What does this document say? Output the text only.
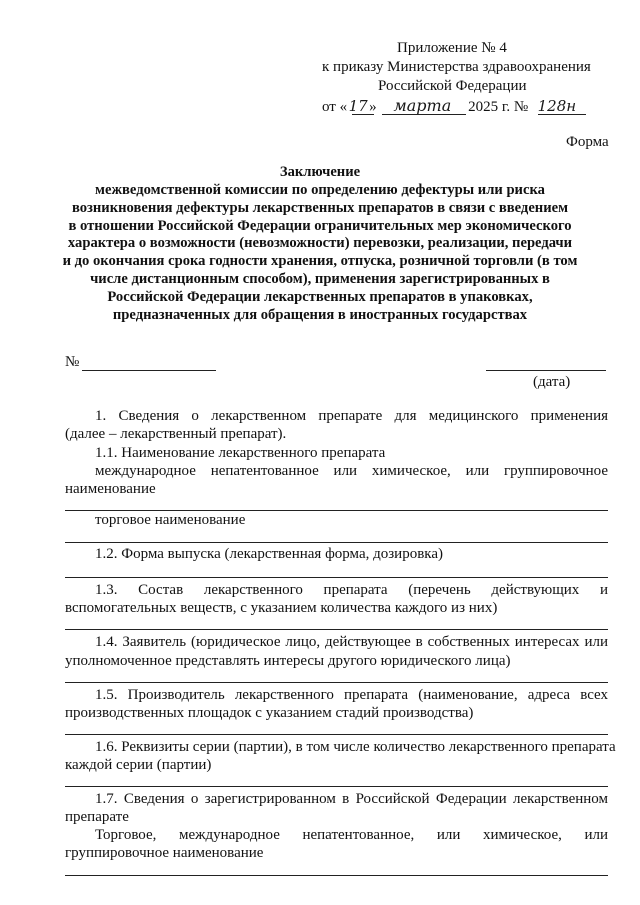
Приложение № 4
к приказу Министерства здравоохранения
Российской Федерации
от «17» марта 2025 г. № 128н
Форма
Заключение
межведомственной комиссии по определению дефектуры или риска
возникновения дефектуры лекарственных препаратов в связи с введением
в отношении Российской Федерации ограничительных мер экономического
характера о возможности (невозможности) перевозки, реализации, передачи
и до окончания срока годности хранения, отпуска, розничной торговли (в том
числе дистанционным способом), применения зарегистрированных в
Российской Федерации лекарственных препаратов в упаковках,
предназначенных для обращения в иностранных государствах
№
(дата)
1. Сведения о лекарственном препарате для медицинского применения
(далее – лекарственный препарат).
1.1. Наименование лекарственного препарата
международное непатентованное или химическое, или группировочное
наименование
торговое наименование
1.2. Форма выпуска (лекарственная форма, дозировка)
1.3. Состав лекарственного препарата (перечень действующих и
вспомогательных веществ, с указанием количества каждого из них)
1.4. Заявитель (юридическое лицо, действующее в собственных интересах или
уполномоченное представлять интересы другого юридического лица)
1.5. Производитель лекарственного препарата (наименование, адреса всех
производственных площадок с указанием стадий производства)
1.6. Реквизиты серии (партии), в том числе количество лекарственного препарата
каждой серии (партии)
1.7. Сведения о зарегистрированном в Российской Федерации лекарственном
препарате
Торговое, международное непатентованное, или химическое, или
группировочное наименование
